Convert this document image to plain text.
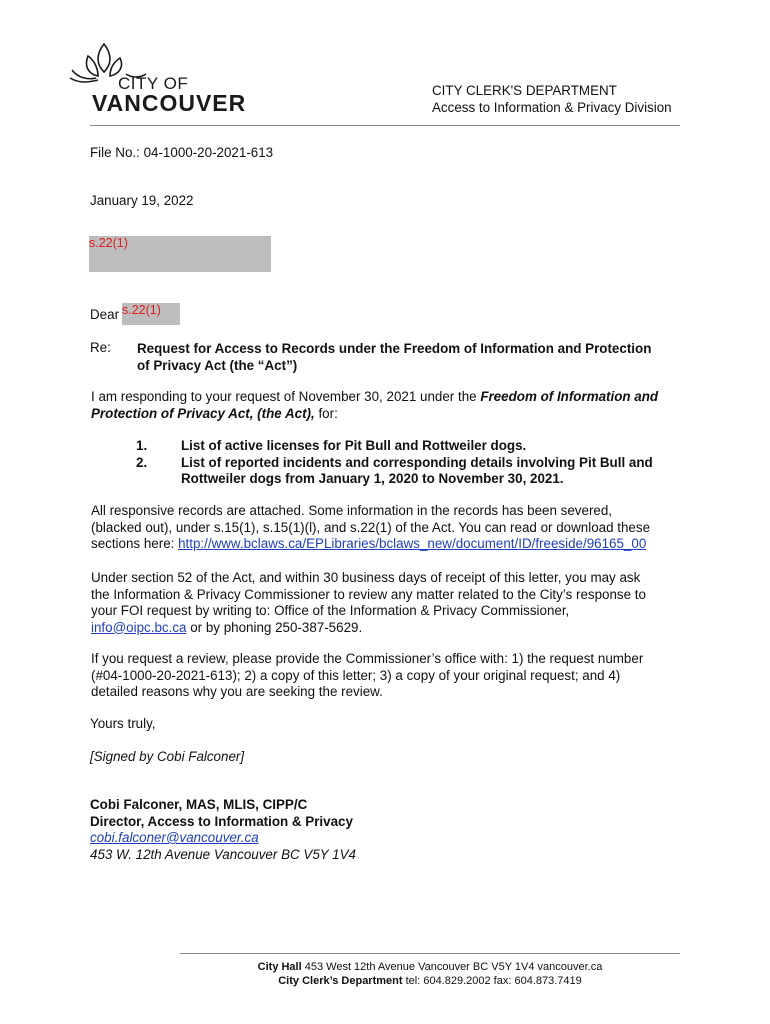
CITY OF
VANCOUVER	CITY CLERK'S DEPARTMENT
Access to Information & Privacy Division
File No.: 04-1000-20-2021-613
January 19, 2022
s.22(1)
Dear s.22(1)
Re: Request for Access to Records under the Freedom of Information and Protection
of Privacy Act (the “Act”)
I am responding to your request of November 30, 2021 under the Freedom of Information and
Protection of Privacy Act, (the Act), for:
1.	List of active licenses for Pit Bull and Rottweiler dogs.
2.	List of reported incidents and corresponding details involving Pit Bull and
Rottweiler dogs from January 1, 2020 to November 30, 2021.
All responsive records are attached. Some information in the records has been severed,
(blacked out), under s.15(1), s.15(1)(l), and s.22(1) of the Act. You can read or download these
sections here: http://www.bclaws.ca/EPLibraries/bclaws_new/document/ID/freeside/96165_00
Under section 52 of the Act, and within 30 business days of receipt of this letter, you may ask
the Information & Privacy Commissioner to review any matter related to the City’s response to
your FOI request by writing to: Office of the Information & Privacy Commissioner,
info@oipc.bc.ca or by phoning 250-387-5629.
If you request a review, please provide the Commissioner’s office with: 1) the request number
(#04-1000-20-2021-613); 2) a copy of this letter; 3) a copy of your original request; and 4)
detailed reasons why you are seeking the review.
Yours truly,
[Signed by Cobi Falconer]
Cobi Falconer, MAS, MLIS, CIPP/C
Director, Access to Information & Privacy
cobi.falconer@vancouver.ca
453 W. 12th Avenue Vancouver BC V5Y 1V4
City Hall 453 West 12th Avenue Vancouver BC V5Y 1V4 vancouver.ca
City Clerk’s Department tel: 604.829.2002 fax: 604.873.7419
